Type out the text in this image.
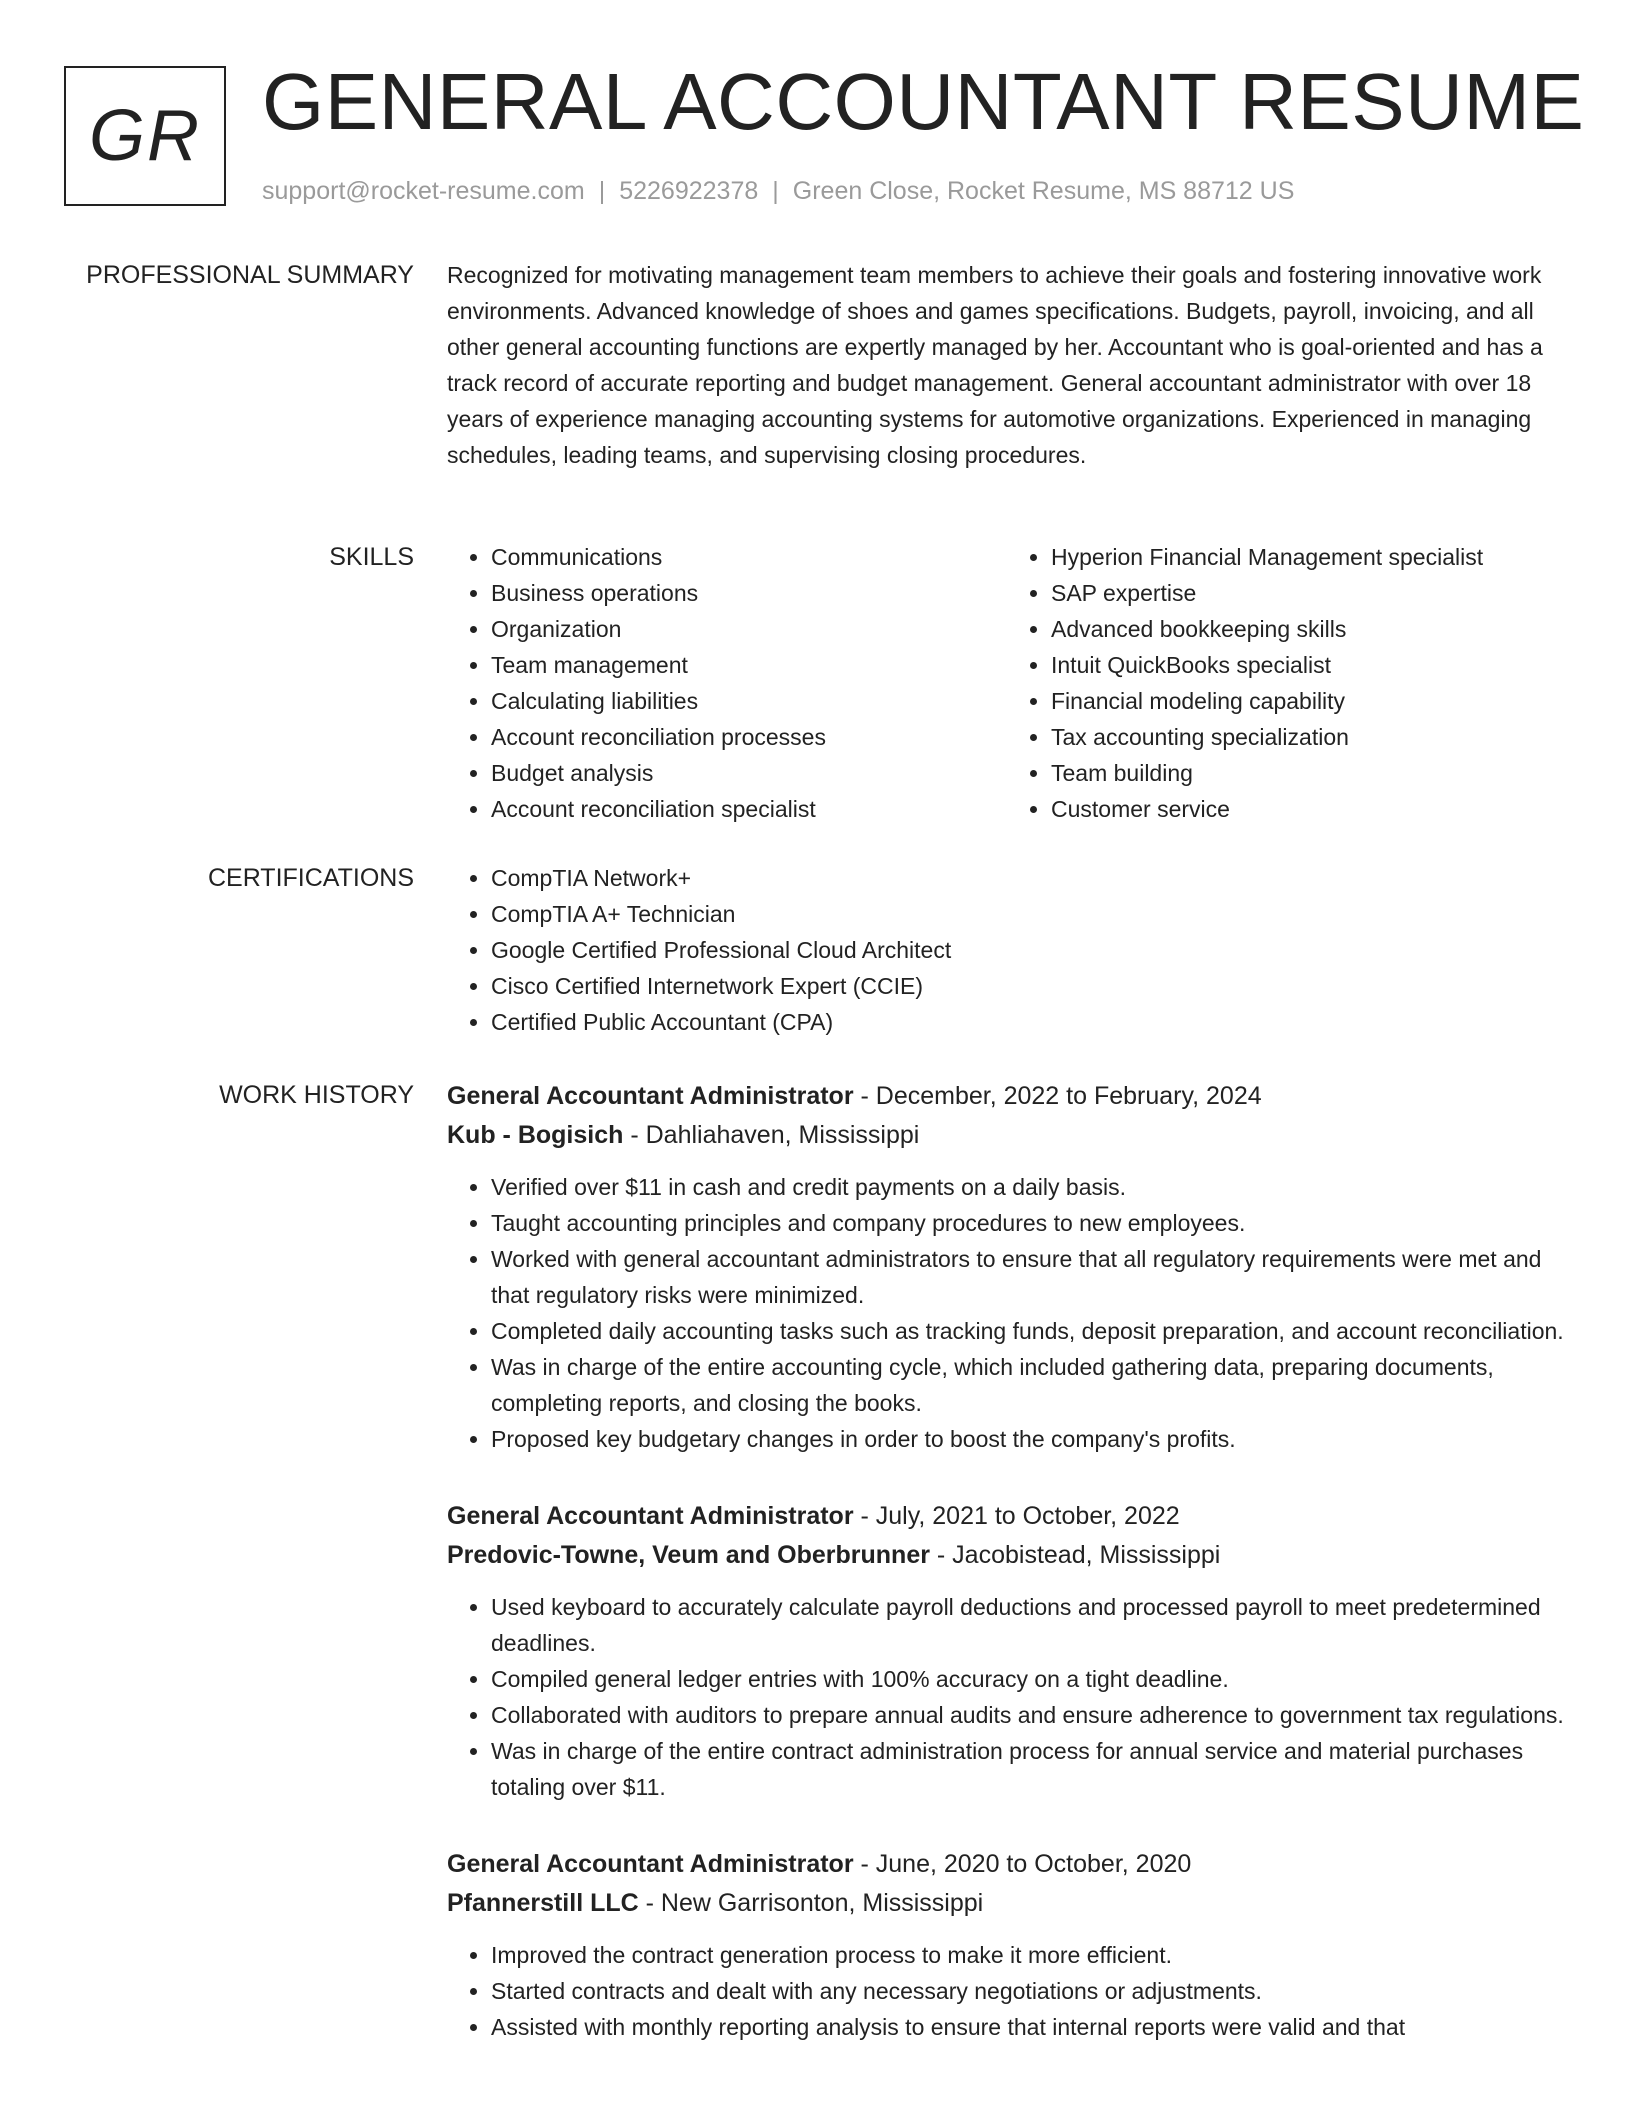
GR GENERAL ACCOUNTANT RESUME
support@rocket-resume.com | 5226922378 | Green Close, Rocket Resume, MS 88712 US
PROFESSIONAL SUMMARY Recognized for motivating management team members to achieve their goals and fostering innovative work environments. Advanced knowledge of shoes and games specifications. Budgets, payroll, invoicing, and all other general accounting functions are expertly managed by her. Accountant who is goal-oriented and has a track record of accurate reporting and budget management. General accountant administrator with over 18 years of experience managing accounting systems for automotive organizations. Experienced in managing schedules, leading teams, and supervising closing procedures.

SKILLS	• Communications
• Business operations
• Organization
• Team management
• Calculating liabilities
• Account reconciliation processes
• Budget analysis
• Account reconciliation specialist
• Hyperion Financial Management specialist
• SAP expertise
• Advanced bookkeeping skills
• Intuit QuickBooks specialist
• Financial modeling capability
• Tax accounting specialization
• Team building
• Customer service
CERTIFICATIONS	• CompTIA Network+
• CompTIA A+ Technician
• Google Certified Professional Cloud Architect
• Cisco Certified Internetwork Expert (CCIE)
• Certified Public Accountant (CPA)
WORK HISTORY General Accountant Administrator - December, 2022 to February, 2024
Kub - Bogisich - Dahliahaven, Mississippi
• Verified over $11 in cash and credit payments on a daily basis.
• Taught accounting principles and company procedures to new employees.
• Worked with general accountant administrators to ensure that all regulatory requirements were met and that regulatory risks were minimized.
• Completed daily accounting tasks such as tracking funds, deposit preparation, and account reconciliation.
• Was in charge of the entire accounting cycle, which included gathering data, preparing documents, completing reports, and closing the books.
• Proposed key budgetary changes in order to boost the company's profits.
General Accountant Administrator - July, 2021 to October, 2022
Predovic-Towne, Veum and Oberbrunner - Jacobistead, Mississippi
• Used keyboard to accurately calculate payroll deductions and processed payroll to meet predetermined deadlines.
• Compiled general ledger entries with 100% accuracy on a tight deadline.
• Collaborated with auditors to prepare annual audits and ensure adherence to government tax regulations.
• Was in charge of the entire contract administration process for annual service and material purchases totaling over $11.
General Accountant Administrator - June, 2020 to October, 2020
Pfannerstill LLC - New Garrisonton, Mississippi
• Improved the contract generation process to make it more efficient.
• Started contracts and dealt with any necessary negotiations or adjustments.
• Assisted with monthly reporting analysis to ensure that internal reports were valid and that
